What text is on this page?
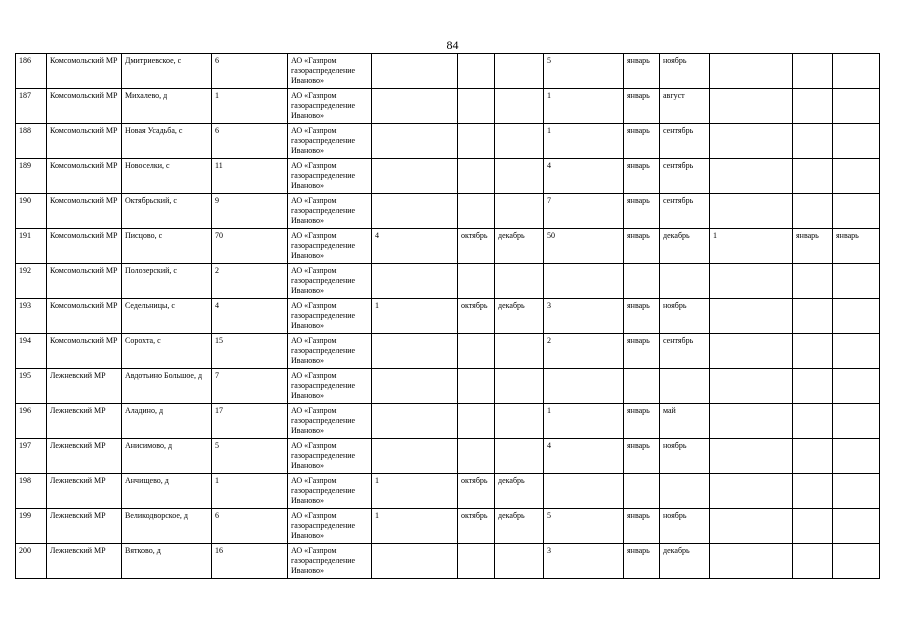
84
186	Комсомольский МР	Дмитриевское, с	6	АО «Газпром газораспределение Иваново»				5	январь	ноябрь			
187	Комсомольский МР	Михалево, д	1	АО «Газпром газораспределение Иваново»				1	январь	август			
188	Комсомольский МР	Новая Усадьба, с	6	АО «Газпром газораспределение Иваново»				1	январь	сентябрь			
189	Комсомольский МР	Новоселки, с	11	АО «Газпром газораспределение Иваново»				4	январь	сентябрь			
190	Комсомольский МР	Октябрьский, с	9	АО «Газпром газораспределение Иваново»				7	январь	сентябрь			
191	Комсомольский МР	Писцово, с	70	АО «Газпром газораспределение Иваново»	4	октябрь	декабрь	50	январь	декабрь	1	январь	январь
192	Комсомольский МР	Полозерский, с	2	АО «Газпром газораспределение Иваново»									
193	Комсомольский МР	Седельницы, с	4	АО «Газпром газораспределение Иваново»	1	октябрь	декабрь	3	январь	ноябрь			
194	Комсомольский МР	Сорохта, с	15	АО «Газпром газораспределение Иваново»				2	январь	сентябрь			
195	Лежневский МР	Авдотьино Большое, д	7	АО «Газпром газораспределение Иваново»									
196	Лежневский МР	Аладино, д	17	АО «Газпром газораспределение Иваново»				1	январь	май			
197	Лежневский МР	Анисимово, д	5	АО «Газпром газораспределение Иваново»				4	январь	ноябрь			
198	Лежневский МР	Анчищево, д	1	АО «Газпром газораспределение Иваново»	1	октябрь	декабрь						
199	Лежневский МР	Великодворское, д	6	АО «Газпром газораспределение Иваново»	1	октябрь	декабрь	5	январь	ноябрь			
200	Лежневский МР	Вятково, д	16	АО «Газпром газораспределение Иваново»				3	январь	декабрь			
